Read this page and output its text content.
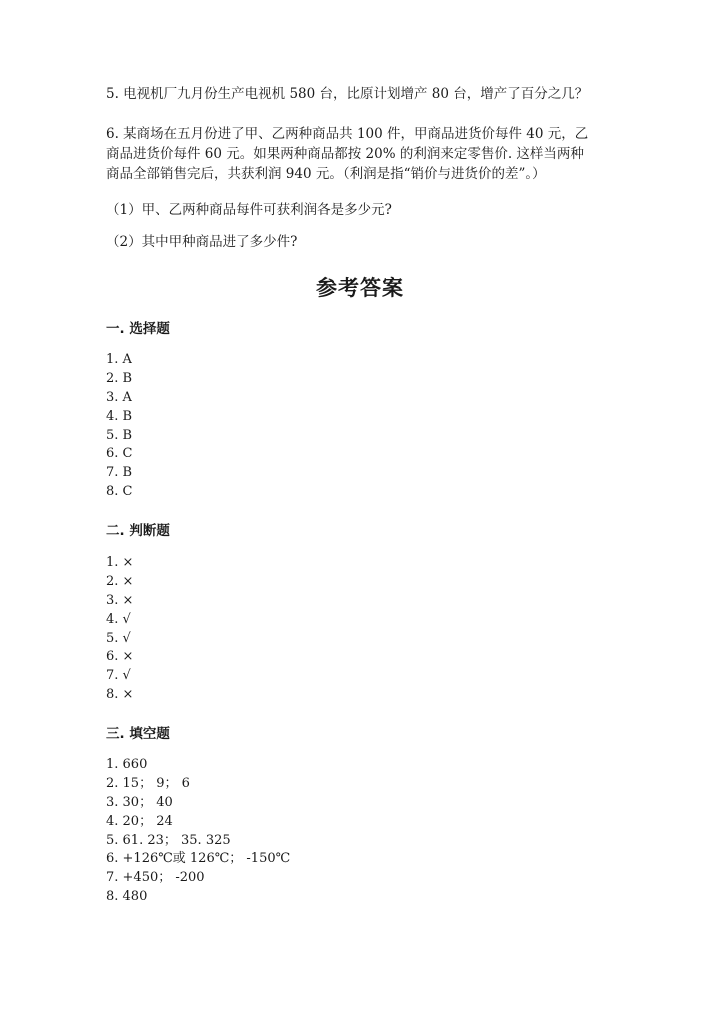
5. 电视机厂九月份生产电视机 580 台，比原计划增产 80 台，增产了百分之几？

6. 某商场在五月份进了甲、乙两种商品共 100 件，甲商品进货价每件 40 元，乙
商品进货价每件 60 元。如果两种商品都按 20% 的利润来定零售价. 这样当两种
商品全部销售完后，共获利润 940 元。（利润是指“销价与进货价的差”。）

（1）甲、乙两种商品每件可获利润各是多少元?

（2）其中甲种商品进了多少件?

参考答案
一. 选择题
1. A
2. B
3. A
4. B
5. B
6. C
7. B
8. C
二. 判断题
1. ×
2. ×
3. ×
4. √
5. √
6. ×
7. √
8. ×
三. 填空题
1. 660
2. 15； 9； 6
3. 30； 40
4. 20； 24
5. 61. 23； 35. 325
6. +126℃或 126℃； -150℃
7. +450； -200
8. 480
